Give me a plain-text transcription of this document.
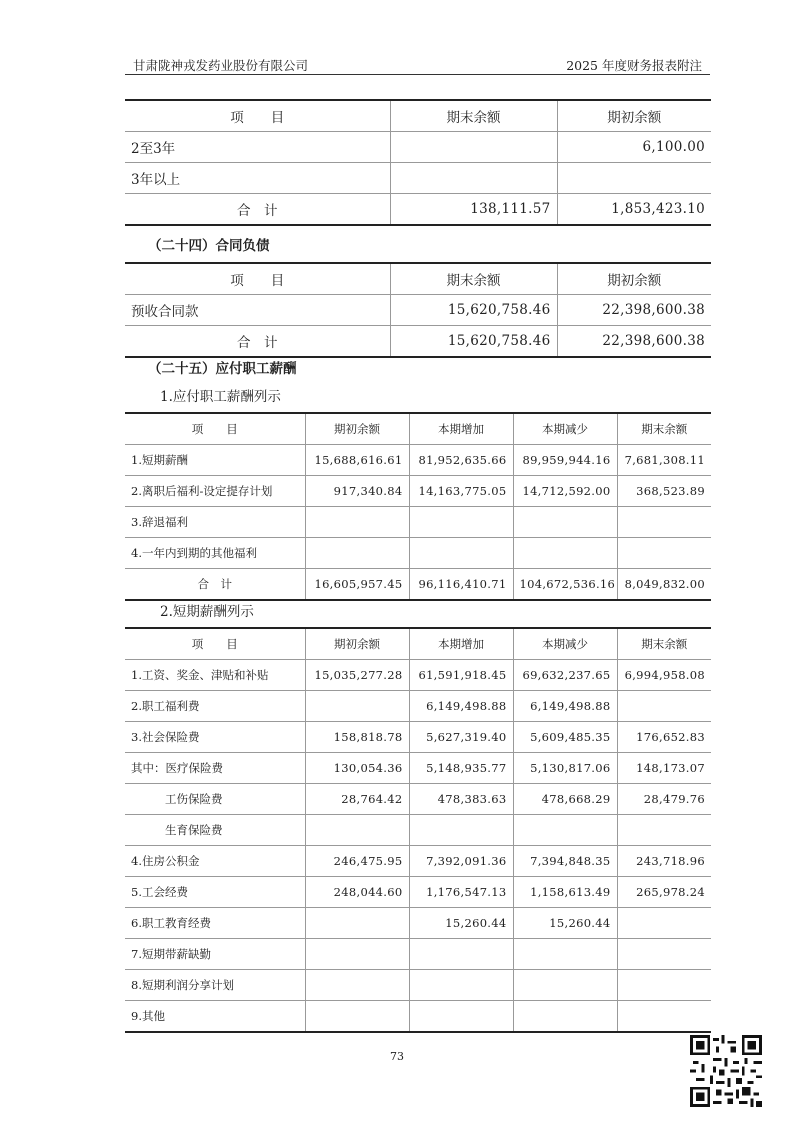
甘肃陇神戎发药业股份有限公司	2025 年度财务报表附注
项　　目	期末余额	期初余额
2至3年		6,100.00
3年以上		
合　计	138,111.57	1,853,423.10
（二十四）合同负债
项　　目	期末余额	期初余额
预收合同款	15,620,758.46	22,398,600.38
合　计	15,620,758.46	22,398,600.38
（二十五）应付职工薪酬
1.应付职工薪酬列示
项　　目	期初余额	本期增加	本期减少	期末余额
1.短期薪酬	15,688,616.61	81,952,635.66	89,959,944.16	7,681,308.11
2.离职后福利-设定提存计划	917,340.84	14,163,775.05	14,712,592.00	368,523.89
3.辞退福利				
4.一年内到期的其他福利				
合　计	16,605,957.45	96,116,410.71	104,672,536.16	8,049,832.00
2.短期薪酬列示
项　　目	期初余额	本期增加	本期减少	期末余额
1.工资、奖金、津贴和补贴	15,035,277.28	61,591,918.45	69,632,237.65	6,994,958.08
2.职工福利费		6,149,498.88	6,149,498.88	
3.社会保险费	158,818.78	5,627,319.40	5,609,485.35	176,652.83
其中：医疗保险费	130,054.36	5,148,935.77	5,130,817.06	148,173.07
工伤保险费	28,764.42	478,383.63	478,668.29	28,479.76
生育保险费				
4.住房公积金	246,475.95	7,392,091.36	7,394,848.35	243,718.96
5.工会经费	248,044.60	1,176,547.13	1,158,613.49	265,978.24
6.职工教育经费		15,260.44	15,260.44	
7.短期带薪缺勤				
8.短期利润分享计划				
9.其他				
73
